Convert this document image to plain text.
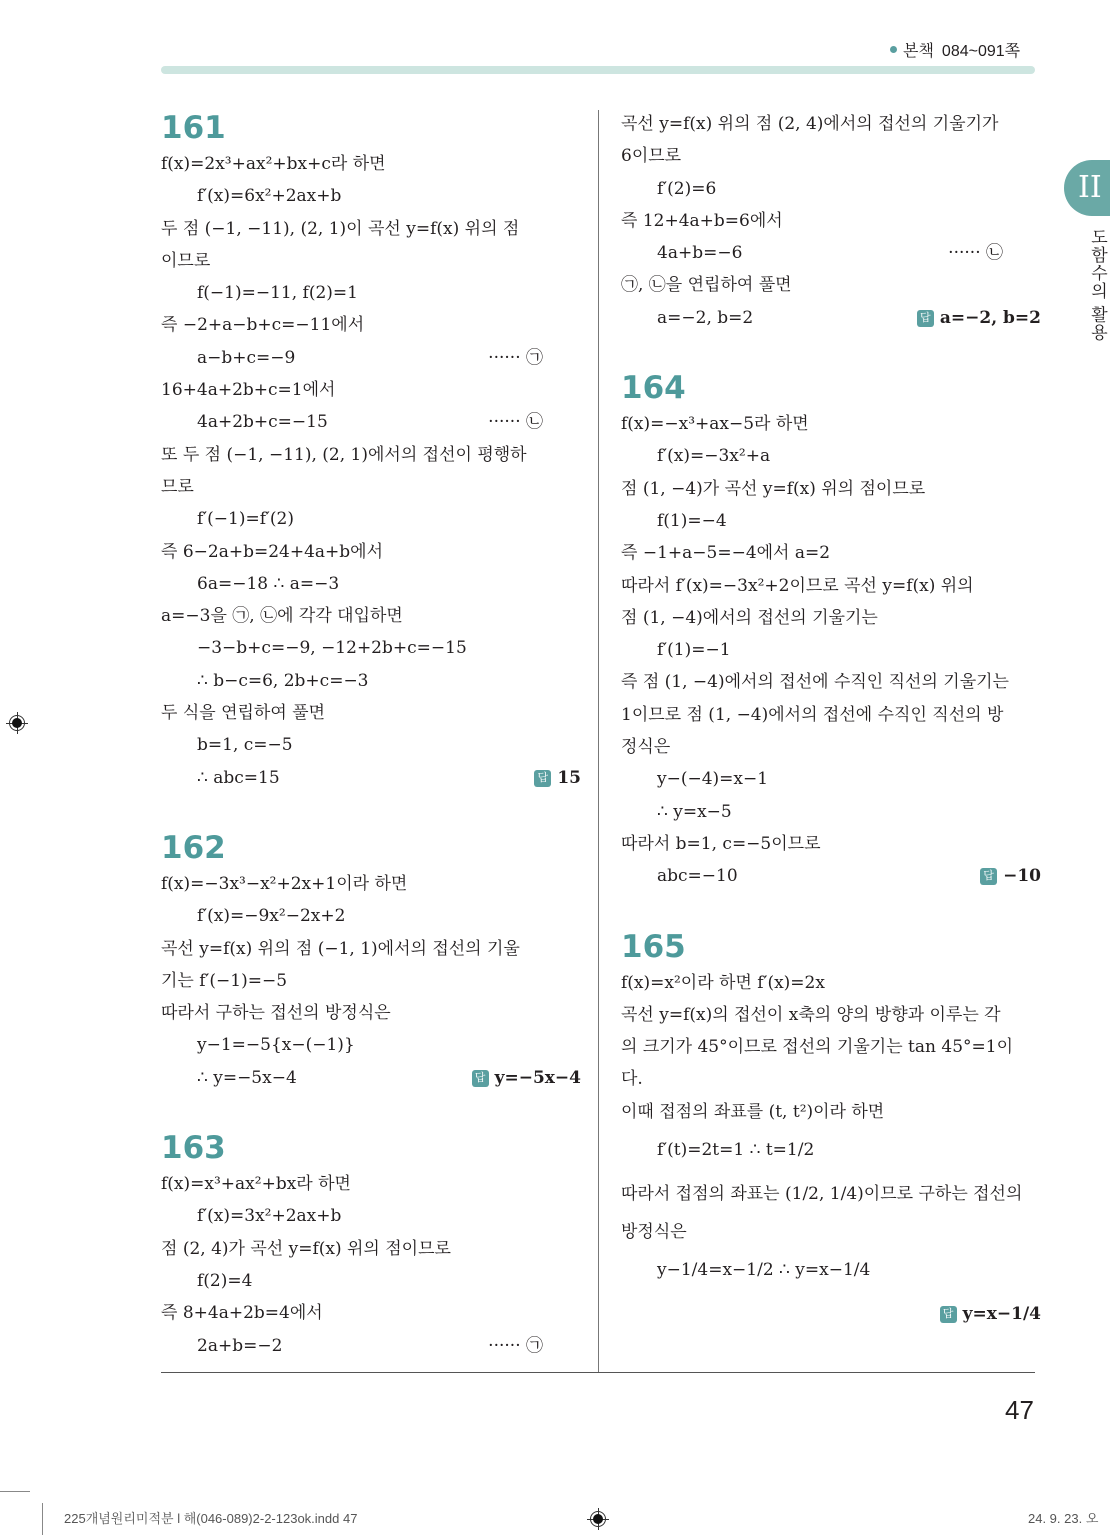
본책 084~091쪽
II
도함수의 활용
161
f(x)=2x³+ax²+bx+c라 하면
f′(x)=6x²+2ax+b
두 점 (−1, −11), (2, 1)이 곡선 y=f(x) 위의 점
이므로
f(−1)=−11, f(2)=1
즉 −2+a−b+c=−11에서
a−b+c=−9	······ ㉠
16+4a+2b+c=1에서
4a+2b+c=−15	······ ㉡
또 두 점 (−1, −11), (2, 1)에서의 접선이 평행하
므로
f′(−1)=f′(2)
즉 6−2a+b=24+4a+b에서
6a=−18 ∴ a=−3
a=−3을 ㉠, ㉡에 각각 대입하면
−3−b+c=−9, −12+2b+c=−15
∴ b−c=6, 2b+c=−3
두 식을 연립하여 풀면
b=1, c=−5
∴ abc=15	답 15
162
f(x)=−3x³−x²+2x+1이라 하면
f′(x)=−9x²−2x+2
곡선 y=f(x) 위의 점 (−1, 1)에서의 접선의 기울
기는 f′(−1)=−5
따라서 구하는 접선의 방정식은
y−1=−5{x−(−1)}
∴ y=−5x−4	답 y=−5x−4
163
f(x)=x³+ax²+bx라 하면
f′(x)=3x²+2ax+b
점 (2, 4)가 곡선 y=f(x) 위의 점이므로
f(2)=4
즉 8+4a+2b=4에서
2a+b=−2	······ ㉠
곡선 y=f(x) 위의 점 (2, 4)에서의 접선의 기울기가
6이므로
f′(2)=6
즉 12+4a+b=6에서
4a+b=−6	······ ㉡
㉠, ㉡을 연립하여 풀면
a=−2, b=2	답 a=−2, b=2
164
f(x)=−x³+ax−5라 하면
f′(x)=−3x²+a
점 (1, −4)가 곡선 y=f(x) 위의 점이므로
f(1)=−4
즉 −1+a−5=−4에서 a=2
따라서 f′(x)=−3x²+2이므로 곡선 y=f(x) 위의
점 (1, −4)에서의 접선의 기울기는
f′(1)=−1
즉 점 (1, −4)에서의 접선에 수직인 직선의 기울기는
1이므로 점 (1, −4)에서의 접선에 수직인 직선의 방
정식은
y−(−4)=x−1
∴ y=x−5
따라서 b=1, c=−5이므로
abc=−10	답 −10
165
f(x)=x²이라 하면 f′(x)=2x
곡선 y=f(x)의 접선이 x축의 양의 방향과 이루는 각
의 크기가 45°이므로 접선의 기울기는 tan 45°=1이
다.
이때 접점의 좌표를 (t, t²)이라 하면
f′(t)=2t=1 ∴ t=1/2
따라서 접점의 좌표는 (1/2, 1/4)이므로 구하는 접선의
방정식은
y−1/4=x−1/2 ∴ y=x−1/4
답 y=x−1/4
47
225개념원리미적분 l 해(046-089)2-2-123ok.indd 47	24. 9. 23. 오
